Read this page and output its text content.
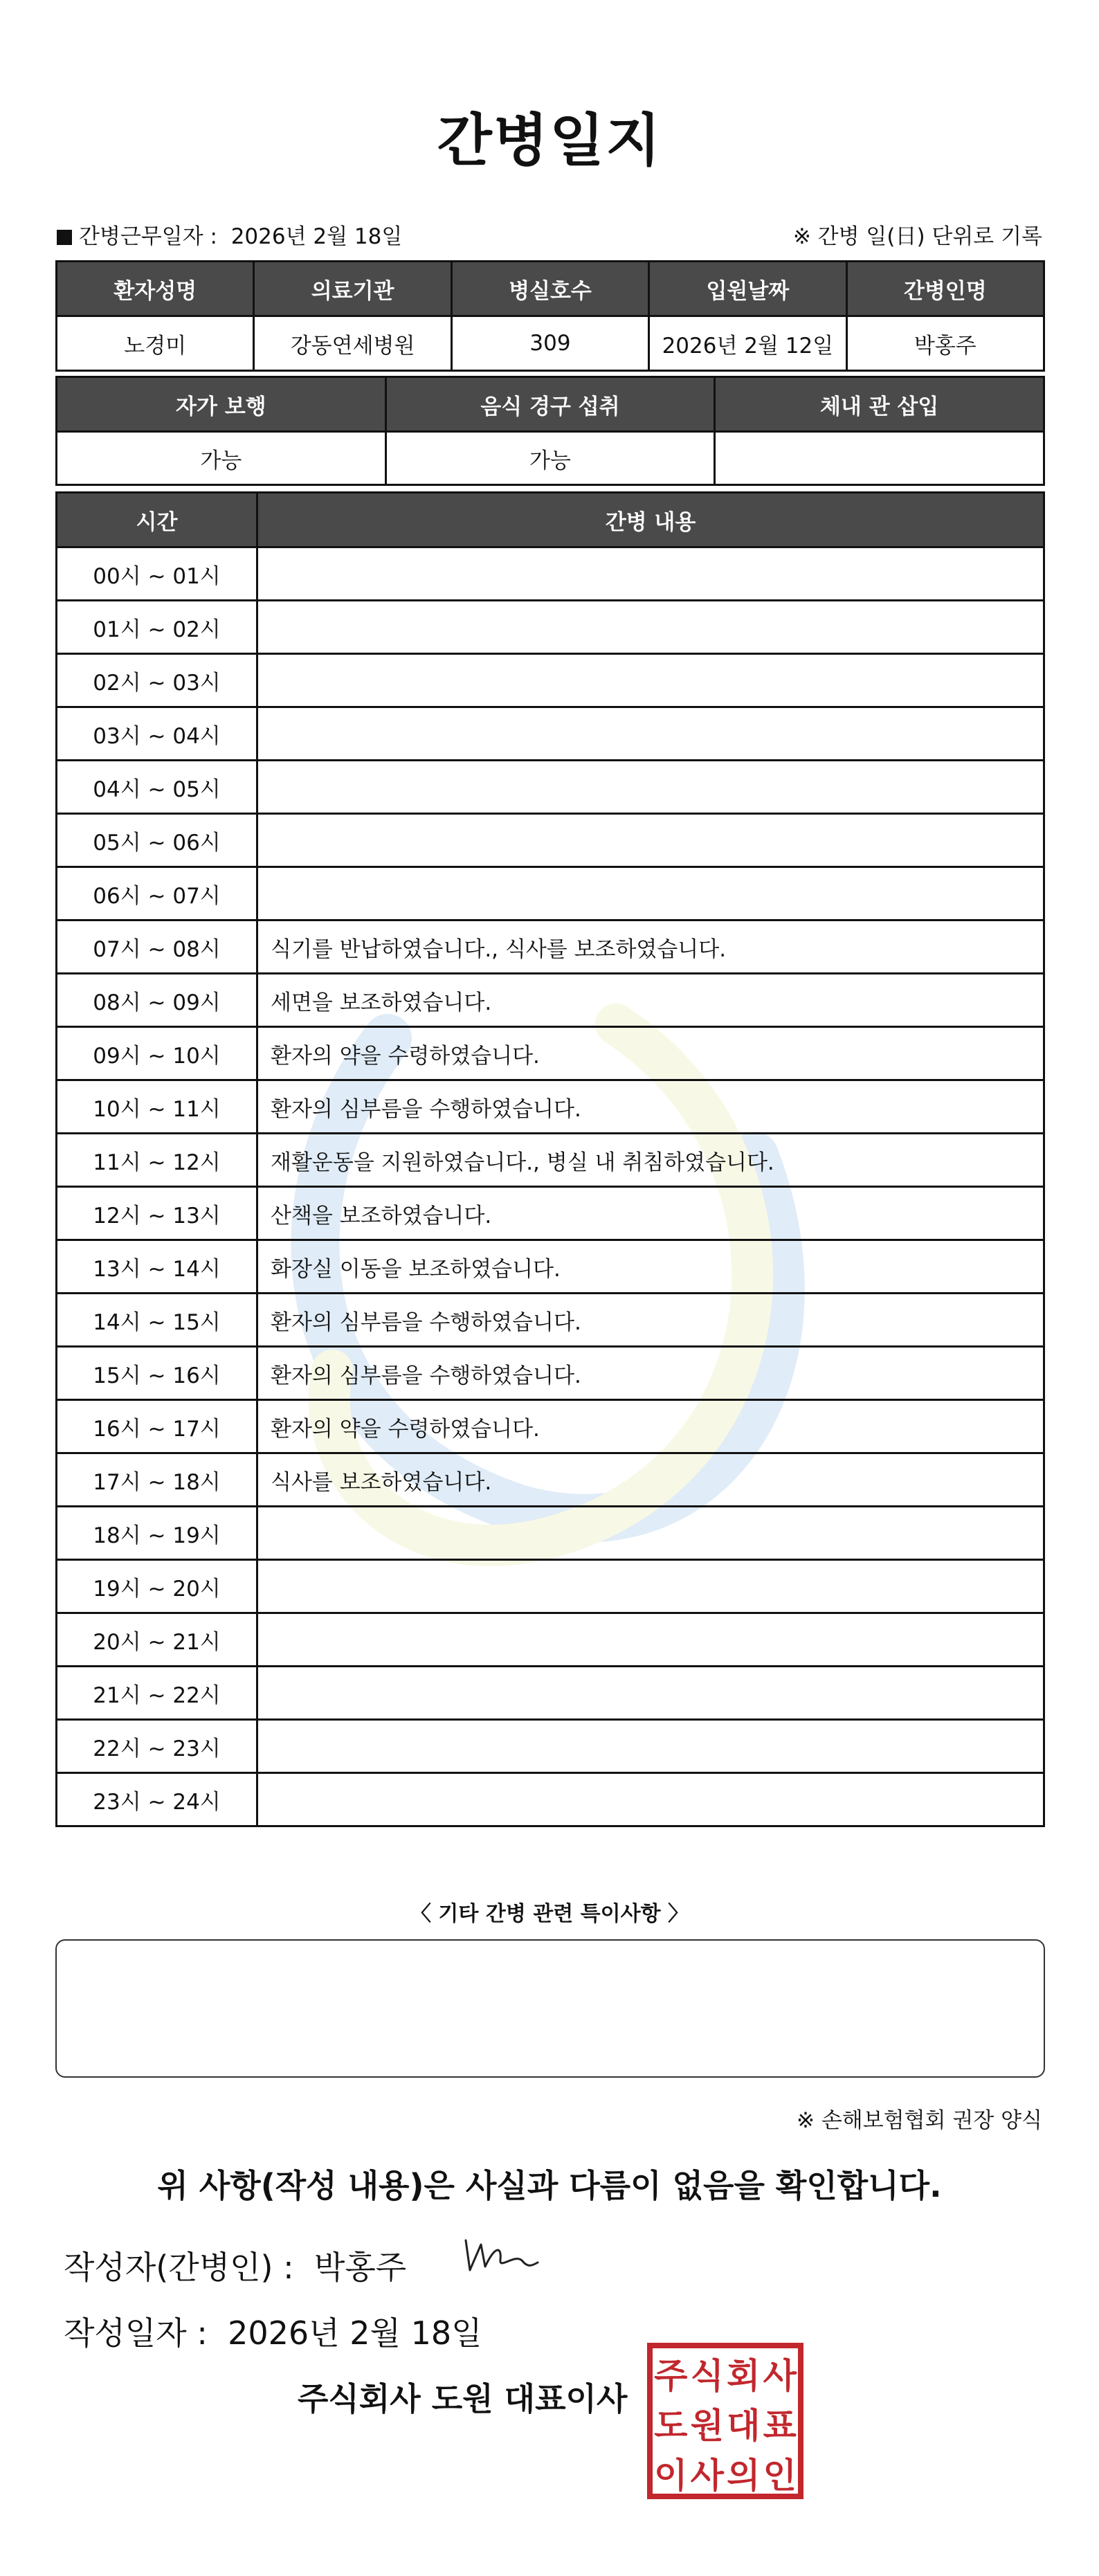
간병일지
간병근무일자 : 2026년 2월 18일	※ 간병 일(日) 단위로 기록
환자성명	의료기관	병실호수	입원날짜	간병인명
노경미	강동연세병원	309	2026년 2월 12일	박홍주
자가 보행	음식 경구 섭취	체내 관 삽입
가능	가능	
시간	간병 내용
00시 ~ 01시	
01시 ~ 02시	
02시 ~ 03시	
03시 ~ 04시	
04시 ~ 05시	
05시 ~ 06시	
06시 ~ 07시	
07시 ~ 08시	식기를 반납하였습니다., 식사를 보조하였습니다.
08시 ~ 09시	세면을 보조하였습니다.
09시 ~ 10시	환자의 약을 수령하였습니다.
10시 ~ 11시	환자의 심부름을 수행하였습니다.
11시 ~ 12시	재활운동을 지원하였습니다., 병실 내 취침하였습니다.
12시 ~ 13시	산책을 보조하였습니다.
13시 ~ 14시	화장실 이동을 보조하였습니다.
14시 ~ 15시	환자의 심부름을 수행하였습니다.
15시 ~ 16시	환자의 심부름을 수행하였습니다.
16시 ~ 17시	환자의 약을 수령하였습니다.
17시 ~ 18시	식사를 보조하였습니다.
18시 ~ 19시	
19시 ~ 20시	
20시 ~ 21시	
21시 ~ 22시	
22시 ~ 23시	
23시 ~ 24시	
〈 기타 간병 관련 특이사항 〉
※ 손해보험협회 권장 양식
위 사항(작성 내용)은 사실과 다름이 없음을 확인합니다.
작성자(간병인) : 박홍주
작성일자 : 2026년 2월 18일
주식회사 도원 대표이사
주 식 회 사
도 원 대 표
이 사 의 인
